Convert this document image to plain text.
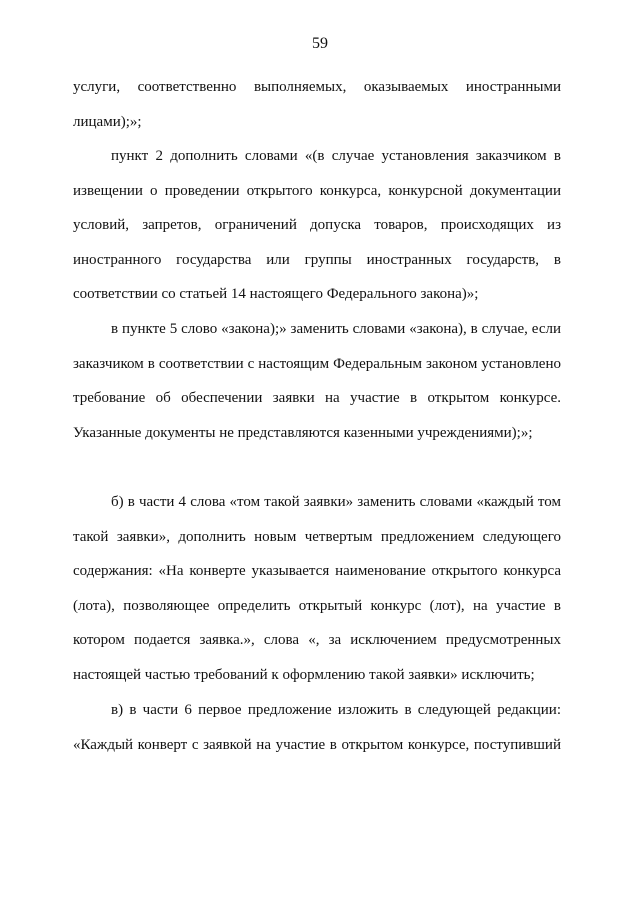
59

услуги, соответственно выполняемых, оказываемых иностранными лицами);»;

пункт 2 дополнить словами «(в случае установления заказчиком в извещении о проведении открытого конкурса, конкурсной документации условий, запретов, ограничений допуска товаров, происходящих из иностранного государства или группы иностранных государств, в соответствии со статьей 14 настоящего Федерального закона)»;

в пункте 5 слово «закона);» заменить словами «закона), в случае, если заказчиком в соответствии с настоящим Федеральным законом установлено требование об обеспечении заявки на участие в открытом конкурсе. Указанные документы не представляются казенными учреждениями);»;

б) в части 4 слова «том такой заявки» заменить словами «каждый том такой заявки», дополнить новым четвертым предложением следующего содержания: «На конверте указывается наименование открытого конкурса (лота), позволяющее определить открытый конкурс (лот), на участие в котором подается заявка.», слова «, за исключением предусмотренных настоящей частью требований к оформлению такой заявки» исключить;

в) в части 6 первое предложение изложить в следующей редакции: «Каждый конверт с заявкой на участие в открытом конкурсе, поступивший
